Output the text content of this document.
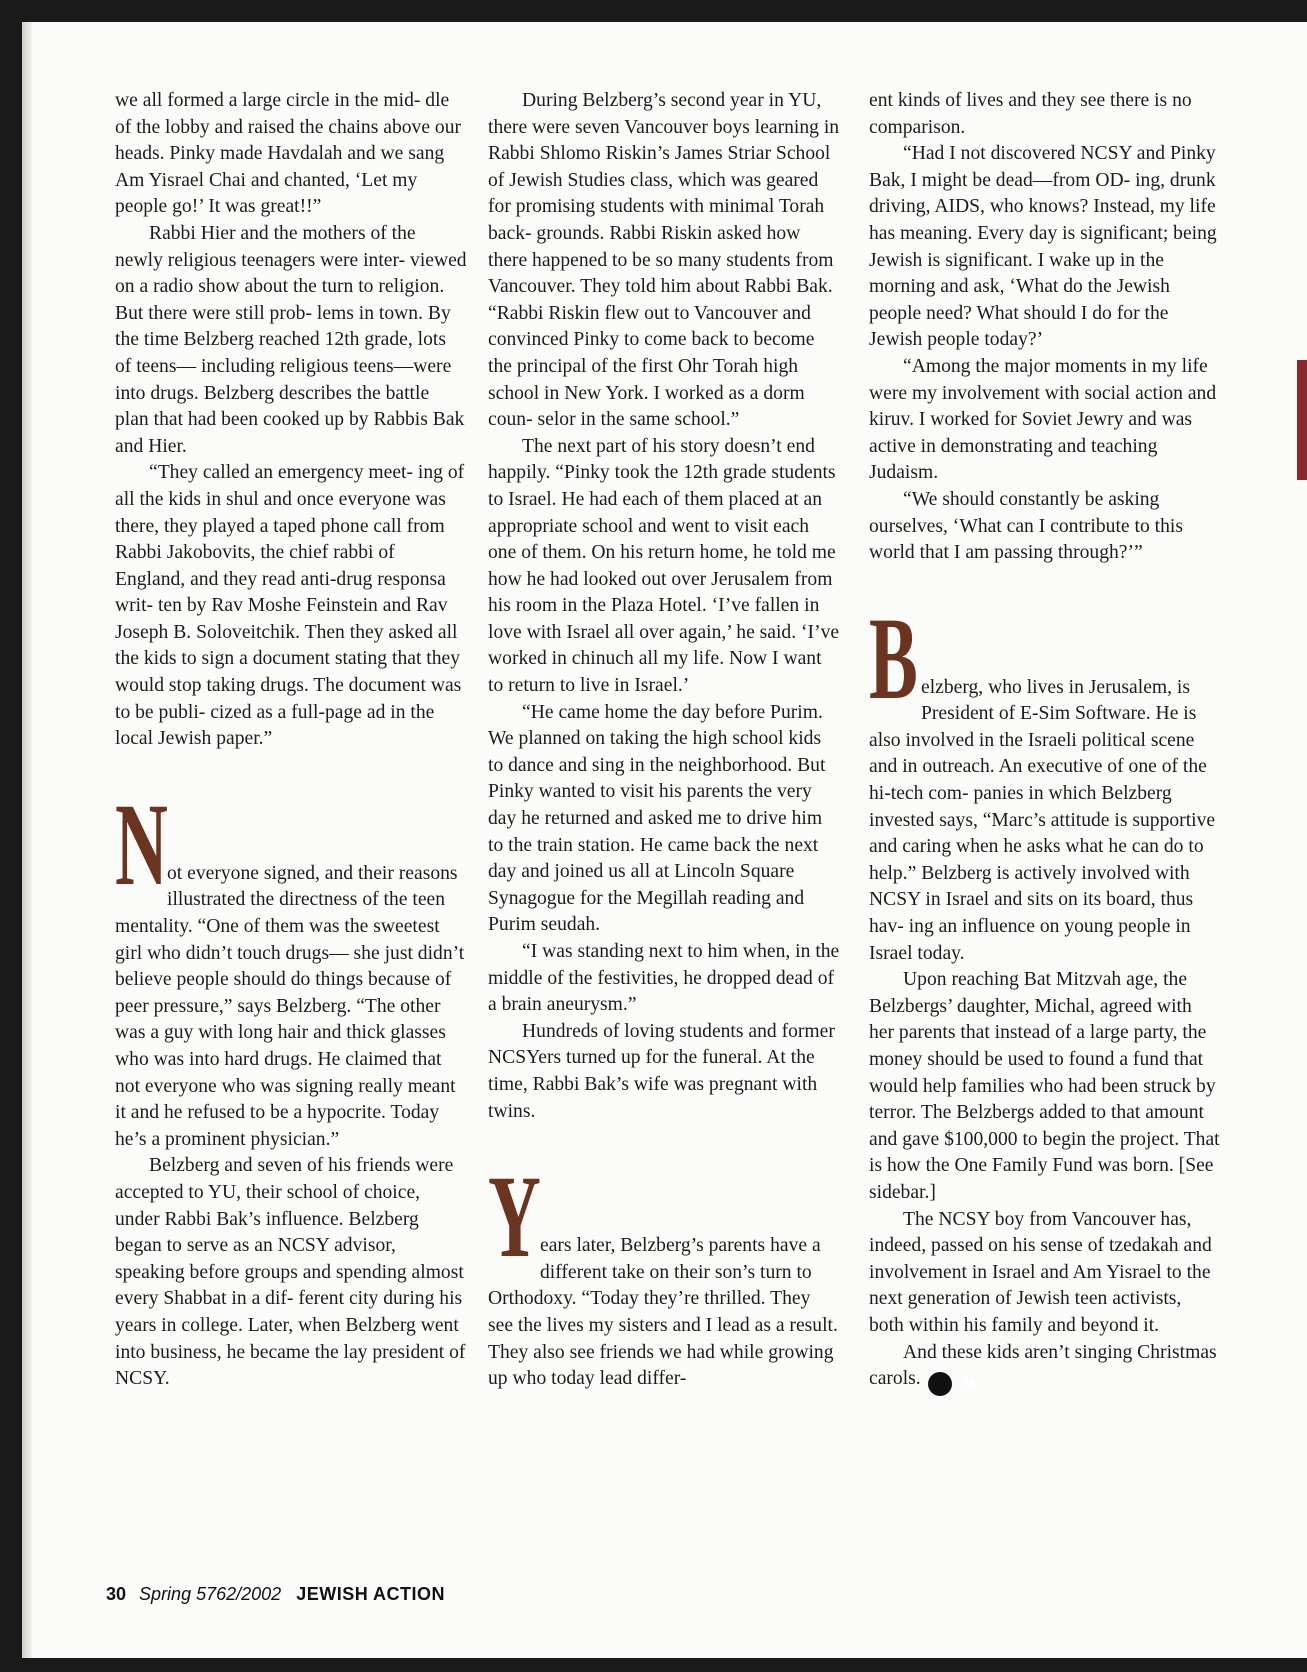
we all formed a large circle in the mid- dle of the lobby and raised the chains above our heads. Pinky made Havdalah and we sang Am Yisrael Chai and chanted, ‘Let my people go!’ It was great!!”

Rabbi Hier and the mothers of the newly religious teenagers were inter- viewed on a radio show about the turn to religion. But there were still prob- lems in town. By the time Belzberg reached 12th grade, lots of teens— including religious teens—were into drugs. Belzberg describes the battle plan that had been cooked up by Rabbis Bak and Hier.

“They called an emergency meet- ing of all the kids in shul and once everyone was there, they played a taped phone call from Rabbi Jakobovits, the chief rabbi of England, and they read anti-drug responsa writ- ten by Rav Moshe Feinstein and Rav Joseph B. Soloveitchik. Then they asked all the kids to sign a document stating that they would stop taking drugs. The document was to be publi- cized as a full-page ad in the local Jewish paper.”

N ot everyone signed, and their reasons illustrated the directness of the teen mentality. “One of them was the sweetest girl who didn’t touch drugs— she just didn’t believe people should do things because of peer pressure,” says Belzberg. “The other was a guy with long hair and thick glasses who was into hard drugs. He claimed that not everyone who was signing really meant it and he refused to be a hypocrite. Today he’s a prominent physician.”

Belzberg and seven of his friends were accepted to YU, their school of choice, under Rabbi Bak’s influence. Belzberg began to serve as an NCSY advisor, speaking before groups and spending almost every Shabbat in a dif- ferent city during his years in college. Later, when Belzberg went into business, he became the lay president of NCSY.

During Belzberg’s second year in YU, there were seven Vancouver boys learning in Rabbi Shlomo Riskin’s James Striar School of Jewish Studies class, which was geared for promising students with minimal Torah back- grounds. Rabbi Riskin asked how there happened to be so many students from Vancouver. They told him about Rabbi Bak. “Rabbi Riskin flew out to Vancouver and convinced Pinky to come back to become the principal of the first Ohr Torah high school in New York. I worked as a dorm coun- selor in the same school.”

The next part of his story doesn’t end happily. “Pinky took the 12th grade students to Israel. He had each of them placed at an appropriate school and went to visit each one of them. On his return home, he told me how he had looked out over Jerusalem from his room in the Plaza Hotel. ‘I’ve fallen in love with Israel all over again,’ he said. ‘I’ve worked in chinuch all my life. Now I want to return to live in Israel.’

“He came home the day before Purim. We planned on taking the high school kids to dance and sing in the neighborhood. But Pinky wanted to visit his parents the very day he returned and asked me to drive him to the train station. He came back the next day and joined us all at Lincoln Square Synagogue for the Megillah reading and Purim seudah.

“I was standing next to him when, in the middle of the festivities, he dropped dead of a brain aneurysm.”

Hundreds of loving students and former NCSYers turned up for the funeral. At the time, Rabbi Bak’s wife was pregnant with twins.

Y ears later, Belzberg’s parents have a different take on their son’s turn to Orthodoxy. “Today they’re thrilled. They see the lives my sisters and I lead as a result. They also see friends we had while growing up who today lead differ-

ent kinds of lives and they see there is no comparison.

“Had I not discovered NCSY and Pinky Bak, I might be dead—from OD- ing, drunk driving, AIDS, who knows? Instead, my life has meaning. Every day is significant; being Jewish is significant. I wake up in the morning and ask, ‘What do the Jewish people need? What should I do for the Jewish people today?’

“Among the major moments in my life were my involvement with social action and kiruv. I worked for Soviet Jewry and was active in demonstrating and teaching Judaism.

“We should constantly be asking ourselves, ‘What can I contribute to this world that I am passing through?’”

B elzberg, who lives in Jerusalem, is President of E-Sim Software. He is also involved in the Israeli political scene and in outreach. An executive of one of the hi-tech com- panies in which Belzberg invested says, “Marc’s attitude is supportive and caring when he asks what he can do to help.” Belzberg is actively involved with NCSY in Israel and sits on its board, thus hav- ing an influence on young people in Israel today.

Upon reaching Bat Mitzvah age, the Belzbergs’ daughter, Michal, agreed with her parents that instead of a large party, the money should be used to found a fund that would help families who had been struck by terror. The Belzbergs added to that amount and gave $100,000 to begin the project. That is how the One Family Fund was born. [See sidebar.]

The NCSY boy from Vancouver has, indeed, passed on his sense of tzedakah and involvement in Israel and Am Yisrael to the next generation of Jewish teen activists, both within his family and beyond it.

And these kids aren’t singing Christmas carols.	JA

30 Spring 5762/2002 JEWISH ACTION
